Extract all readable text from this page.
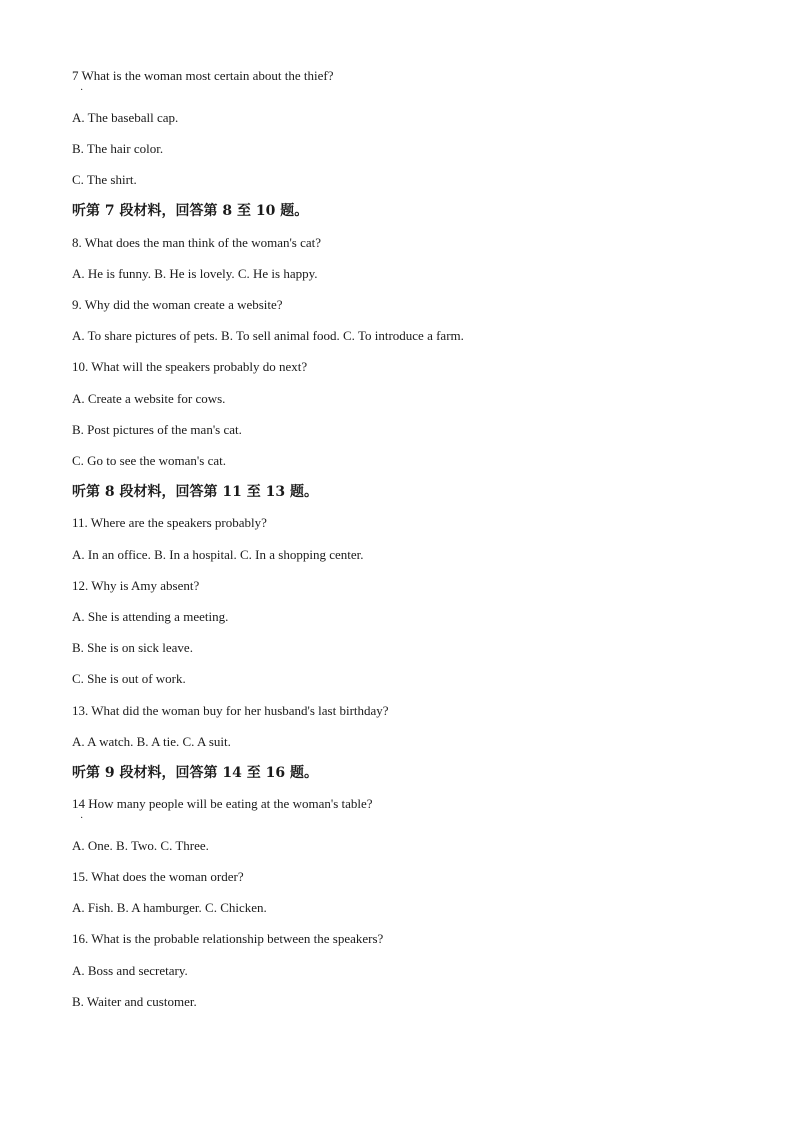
7 What is the woman most certain about the thief?
·
A. The baseball cap.
B. The hair color.
C. The shirt.
听第 7 段材料，回答第 8 至 10 题。
8. What does the man think of the woman's cat?
A. He is funny. B. He is lovely. C. He is happy.
9. Why did the woman create a website?
A. To share pictures of pets. B. To sell animal food. C. To introduce a farm.
10. What will the speakers probably do next?
A. Create a website for cows.
B. Post pictures of the man's cat.
C. Go to see the woman's cat.
听第 8 段材料，回答第 11 至 13 题。
11. Where are the speakers probably?
A. In an office. B. In a hospital. C. In a shopping center.
12. Why is Amy absent?
A. She is attending a meeting.
B. She is on sick leave.
C. She is out of work.
13. What did the woman buy for her husband's last birthday?
A. A watch. B. A tie. C. A suit.
听第 9 段材料，回答第 14 至 16 题。
14 How many people will be eating at the woman's table?
·
A. One. B. Two. C. Three.
15. What does the woman order?
A. Fish. B. A hamburger. C. Chicken.
16. What is the probable relationship between the speakers?
A. Boss and secretary.
B. Waiter and customer.
